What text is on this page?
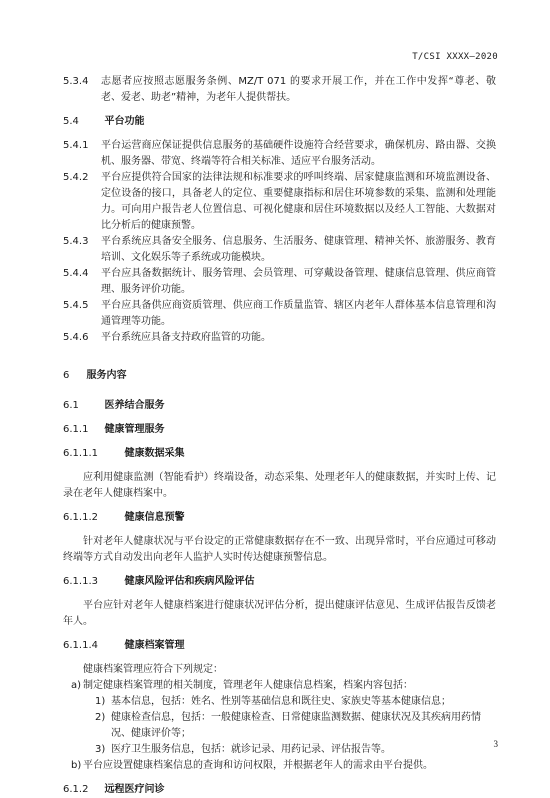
T/CSI XXXX—2020

5.3.4 志愿者应按照志愿服务条例、MZ/T 071 的要求开展工作，并在工作中发挥“尊老、敬老、爱老、助老”精神，为老年人提供帮扶。

5.4	平台功能

5.4.1 平台运营商应保证提供信息服务的基础硬件设施符合经营要求，确保机房、路由器、交换机、服务器、带宽、终端等符合相关标准、适应平台服务活动。

5.4.2 平台应提供符合国家的法律法规和标准要求的呼叫终端、居家健康监测和环境监测设备、定位设备的接口，具备老人的定位、重要健康指标和居住环境参数的采集、监测和处理能力。可向用户报告老人位置信息、可视化健康和居住环境数据以及经人工智能、大数据对比分析后的健康预警。

5.4.3 平台系统应具备安全服务、信息服务、生活服务、健康管理、精神关怀、旅游服务、教育培训、文化娱乐等子系统或功能模块。

5.4.4 平台应具备数据统计、服务管理、会员管理、可穿戴设备管理、健康信息管理、供应商管理、服务评价功能。

5.4.5 平台应具备供应商资质管理、供应商工作质量监管、辖区内老年人群体基本信息管理和沟通管理等功能。

5.4.6 平台系统应具备支持政府监管的功能。

6 服务内容

6.1	医养结合服务

6.1.1 健康管理服务

6.1.1.1	健康数据采集

应利用健康监测（智能看护）终端设备，动态采集、处理老年人的健康数据，并实时上传、记录在老年人健康档案中。

6.1.1.2	健康信息预警

针对老年人健康状况与平台设定的正常健康数据存在不一致、出现异常时，平台应通过可移动终端等方式自动发出向老年人监护人实时传达健康预警信息。

6.1.1.3	健康风险评估和疾病风险评估

平台应针对老年人健康档案进行健康状况评估分析，提出健康评估意见、生成评估报告反馈老年人。

6.1.1.4	健康档案管理

健康档案管理应符合下列规定：

a) 制定健康档案管理的相关制度，管理老年人健康信息档案，档案内容包括：
1) 基本信息，包括：姓名、性别等基础信息和既往史、家族史等基本健康信息；
2) 健康检查信息，包括：一般健康检查、日常健康监测数据、健康状况及其疾病用药情况、健康评价等；
3) 医疗卫生服务信息，包括：就诊记录、用药记录、评估报告等。
b) 平台应设置健康档案信息的查询和访问权限，并根据老年人的需求由平台提供。

6.1.2 远程医疗问诊

3
